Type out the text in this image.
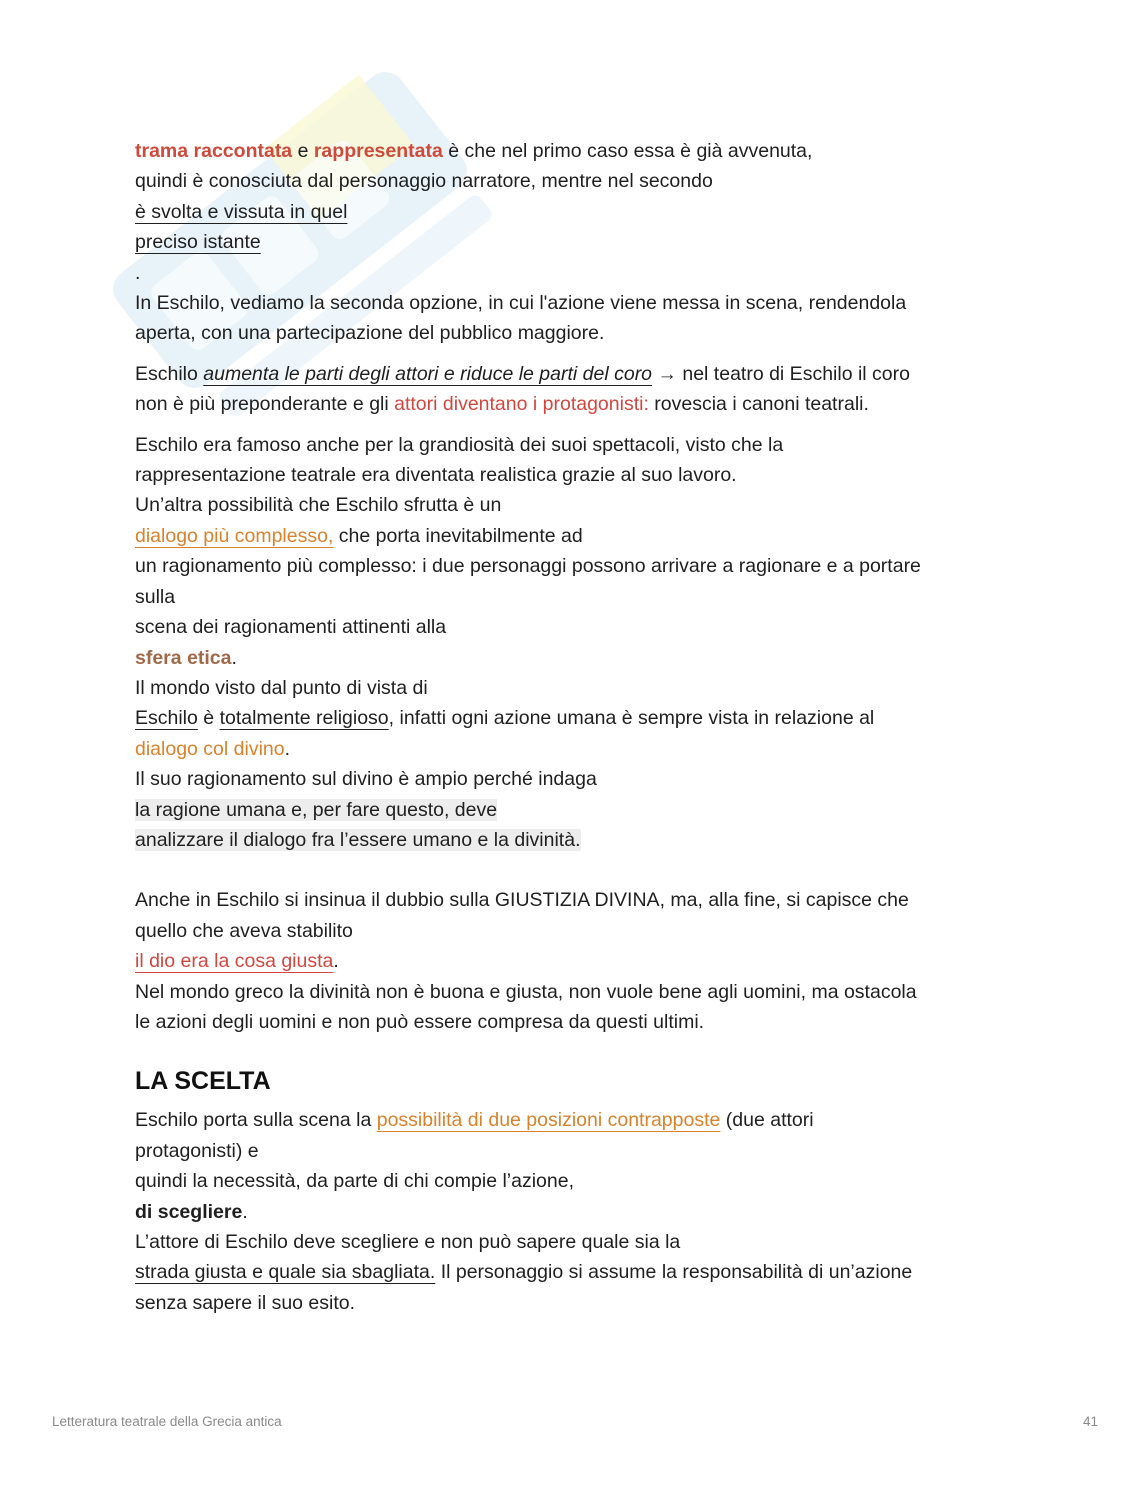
trama raccontata e rappresentata è che nel primo caso essa è già avvenuta,
quindi è conosciuta dal personaggio narratore, mentre nel secondo
è svolta e vissuta in quel
preciso istante
.
In Eschilo, vediamo la seconda opzione, in cui l'azione viene messa in scena, rendendola
aperta, con una partecipazione del pubblico maggiore.

Eschilo aumenta le parti degli attori e riduce le parti del coro → nel teatro di Eschilo il coro
non è più preponderante e gli attori diventano i protagonisti: rovescia i canoni teatrali.

Eschilo era famoso anche per la grandiosità dei suoi spettacoli, visto che la
rappresentazione teatrale era diventata realistica grazie al suo lavoro.
Un’altra possibilità che Eschilo sfrutta è un
dialogo più complesso, che porta inevitabilmente ad
un ragionamento più complesso: i due personaggi possono arrivare a ragionare e a portare
sulla
scena dei ragionamenti attinenti alla
sfera etica.
Il mondo visto dal punto di vista di
Eschilo è totalmente religioso, infatti ogni azione umana è sempre vista in relazione al
dialogo col divino.
Il suo ragionamento sul divino è ampio perché indaga
la ragione umana e, per fare questo, deve
analizzare il dialogo fra l’essere umano e la divinità.

Anche in Eschilo si insinua il dubbio sulla GIUSTIZIA DIVINA, ma, alla fine, si capisce che
quello che aveva stabilito
il dio era la cosa giusta.
Nel mondo greco la divinità non è buona e giusta, non vuole bene agli uomini, ma ostacola
le azioni degli uomini e non può essere compresa da questi ultimi.

LA SCELTA

Eschilo porta sulla scena la possibilità di due posizioni contrapposte (due attori
protagonisti) e
quindi la necessità, da parte di chi compie l’azione,
di scegliere.
L’attore di Eschilo deve scegliere e non può sapere quale sia la
strada giusta e quale sia sbagliata. Il personaggio si assume la responsabilità di un’azione
senza sapere il suo esito.

Letteratura teatrale della Grecia antica	41
